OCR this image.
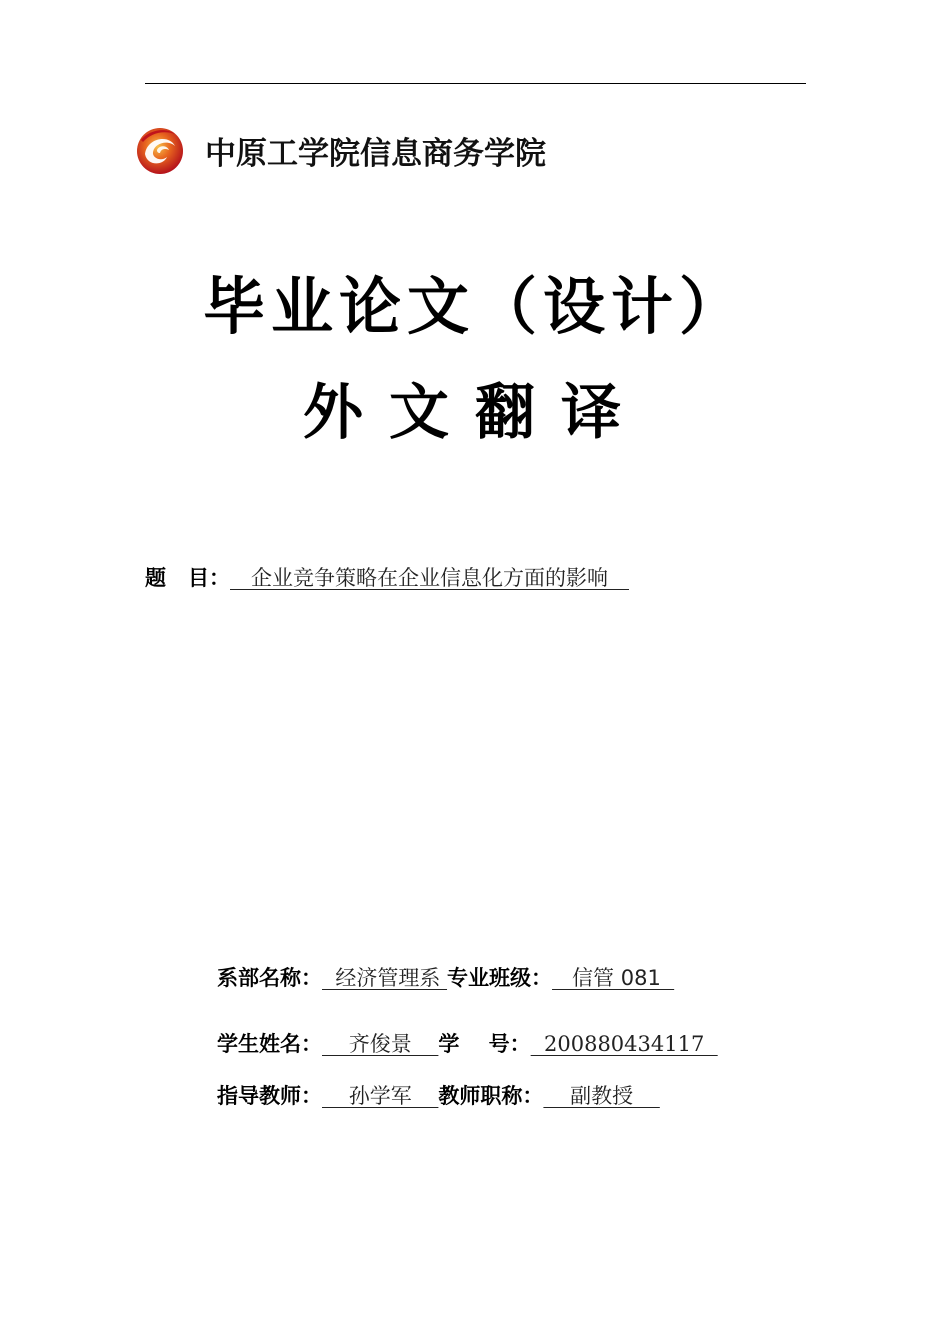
中原工学院信息商务学院
毕业论文（设计）
外文翻译
题 目： __企业竞争策略在企业信息化方面的影响__
系部名称： 经济管理系 专业班级： 信管 081
学生姓名： 齐俊景 学    号： 200880434117
指导教师： 孙学军 教师职称： 副教授
